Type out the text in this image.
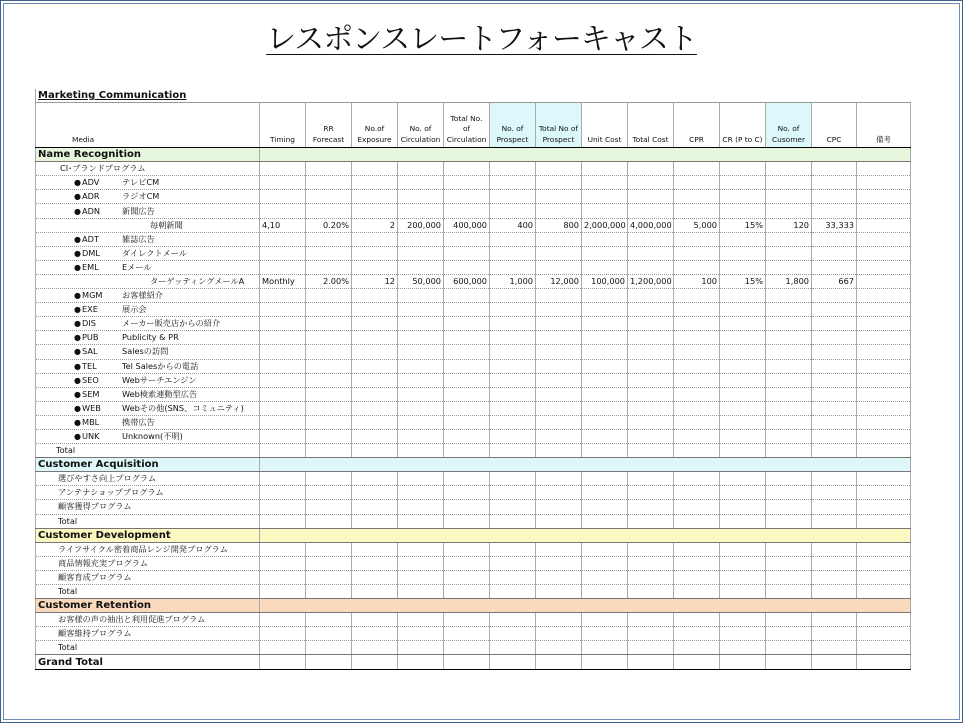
レスポンスレートフォーキャスト
Marketing Communication														
Media	Timing	RR Forecast	No.of Exposure	No. of Circulation	Total No. of Circulation	No. of Prospect	Total No of Prospect	Unit Cost	Total Cost	CPR	CR (P to C)	No. of Cusomer	CPC	備考
Name Recognition														
CI･ブランドプログラム														
●ADV テレビCM														
●ADR ラジオCM														
●ADN 新聞広告														
毎朝新聞	4,10	0.20%	2	200,000	400,000	400	800	2,000,000	4,000,000	5,000	15%	120	33,333	
●ADT 雑誌広告														
●DML ダイレクトメール														
●EML Eメール														
ターゲッティングメールA	Monthly	2.00%	12	50,000	600,000	1,000	12,000	100,000	1,200,000	100	15%	1,800	667	
●MGM お客様紹介														
●EXE 展示会														
●DIS メーカー販売店からの紹介														
●PUB Publicity & PR														
●SAL Salesの訪問														
●TEL Tel Salesからの電話														
●SEO Webサーチエンジン														
●SEM Web検索連動型広告														
●WEB Webその他(SNS、コミュニティ)														
●MBL 携帯広告														
●UNK Unknown(不明)														
Total														
Customer Acquisition														
選びやすさ向上プログラム														
アンテナショップブログラム														
顧客獲得プログラム														
Total														
Customer Development														
ライフサイクル密着商品レンジ開発プログラム														
商品情報充実プログラム														
顧客育成プログラム														
Total														
Customer Retention														
お客様の声の抽出と利用促進プログラム														
顧客維持プログラム														
Total														
Grand Total														
